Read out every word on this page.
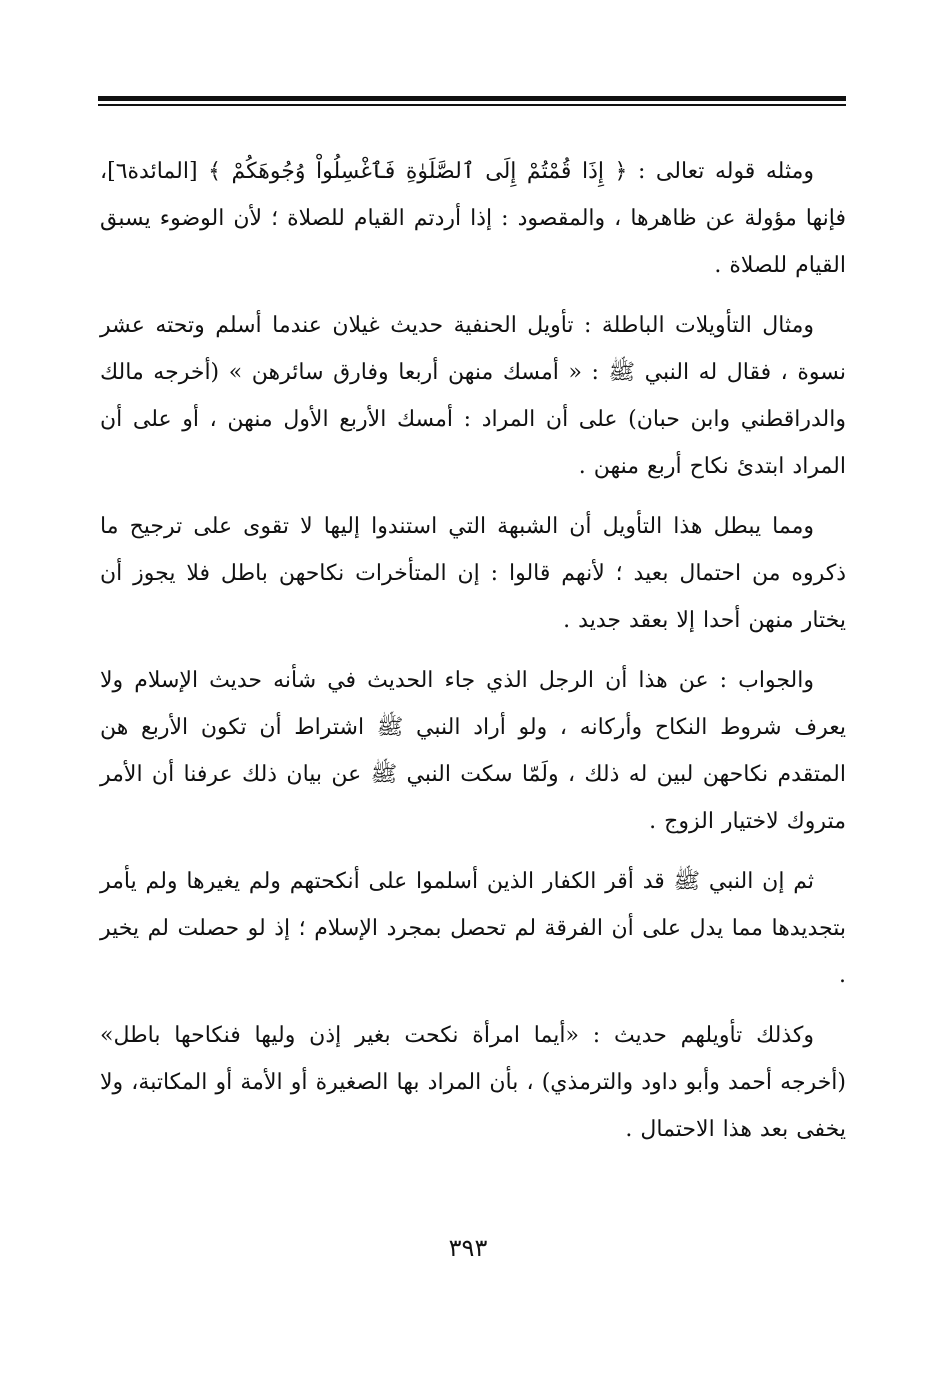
ومثله قوله تعالى : ﴿ إِذَا قُمْتُمْ إِلَى ٱلصَّلَوٰةِ فَٱغْسِلُواْ وُجُوهَكُمْ ﴾ [المائدة٦]، فإنها مؤولة عن ظاهرها ، والمقصود : إذا أردتم القيام للصلاة ؛ لأن الوضوء يسبق القيام للصلاة .

ومثال التأويلات الباطلة : تأويل الحنفية حديث غيلان عندما أسلم وتحته عشر نسوة ، فقال له النبي ﷺ : « أمسك منهن أربعا وفارق سائرهن » (أخرجه مالك والدراقطني وابن حبان) على أن المراد : أمسك الأربع الأول منهن ، أو على أن المراد ابتدئ نكاح أربع منهن .

ومما يبطل هذا التأويل أن الشبهة التي استندوا إليها لا تقوى على ترجيح ما ذكروه من احتمال بعيد ؛ لأنهم قالوا : إن المتأخرات نكاحهن باطل فلا يجوز أن يختار منهن أحدا إلا بعقد جديد .

والجواب : عن هذا أن الرجل الذي جاء الحديث في شأنه حديث الإسلام ولا يعرف شروط النكاح وأركانه ، ولو أراد النبي ﷺ اشتراط أن تكون الأربع هن المتقدم نكاحهن لبين له ذلك ، ولَمّا سكت النبي ﷺ عن بيان ذلك عرفنا أن الأمر متروك لاختيار الزوج .

ثم إن النبي ﷺ قد أقر الكفار الذين أسلموا على أنكحتهم ولم يغيرها ولم يأمر بتجديدها مما يدل على أن الفرقة لم تحصل بمجرد الإسلام ؛ إذ لو حصلت لم يخير .

وكذلك تأويلهم حديث : «أيما امرأة نكحت بغير إذن وليها فنكاحها باطل» (أخرجه أحمد وأبو داود والترمذي) ، بأن المراد بها الصغيرة أو الأمة أو المكاتبة، ولا يخفى بعد هذا الاحتمال .

٣٩٣
